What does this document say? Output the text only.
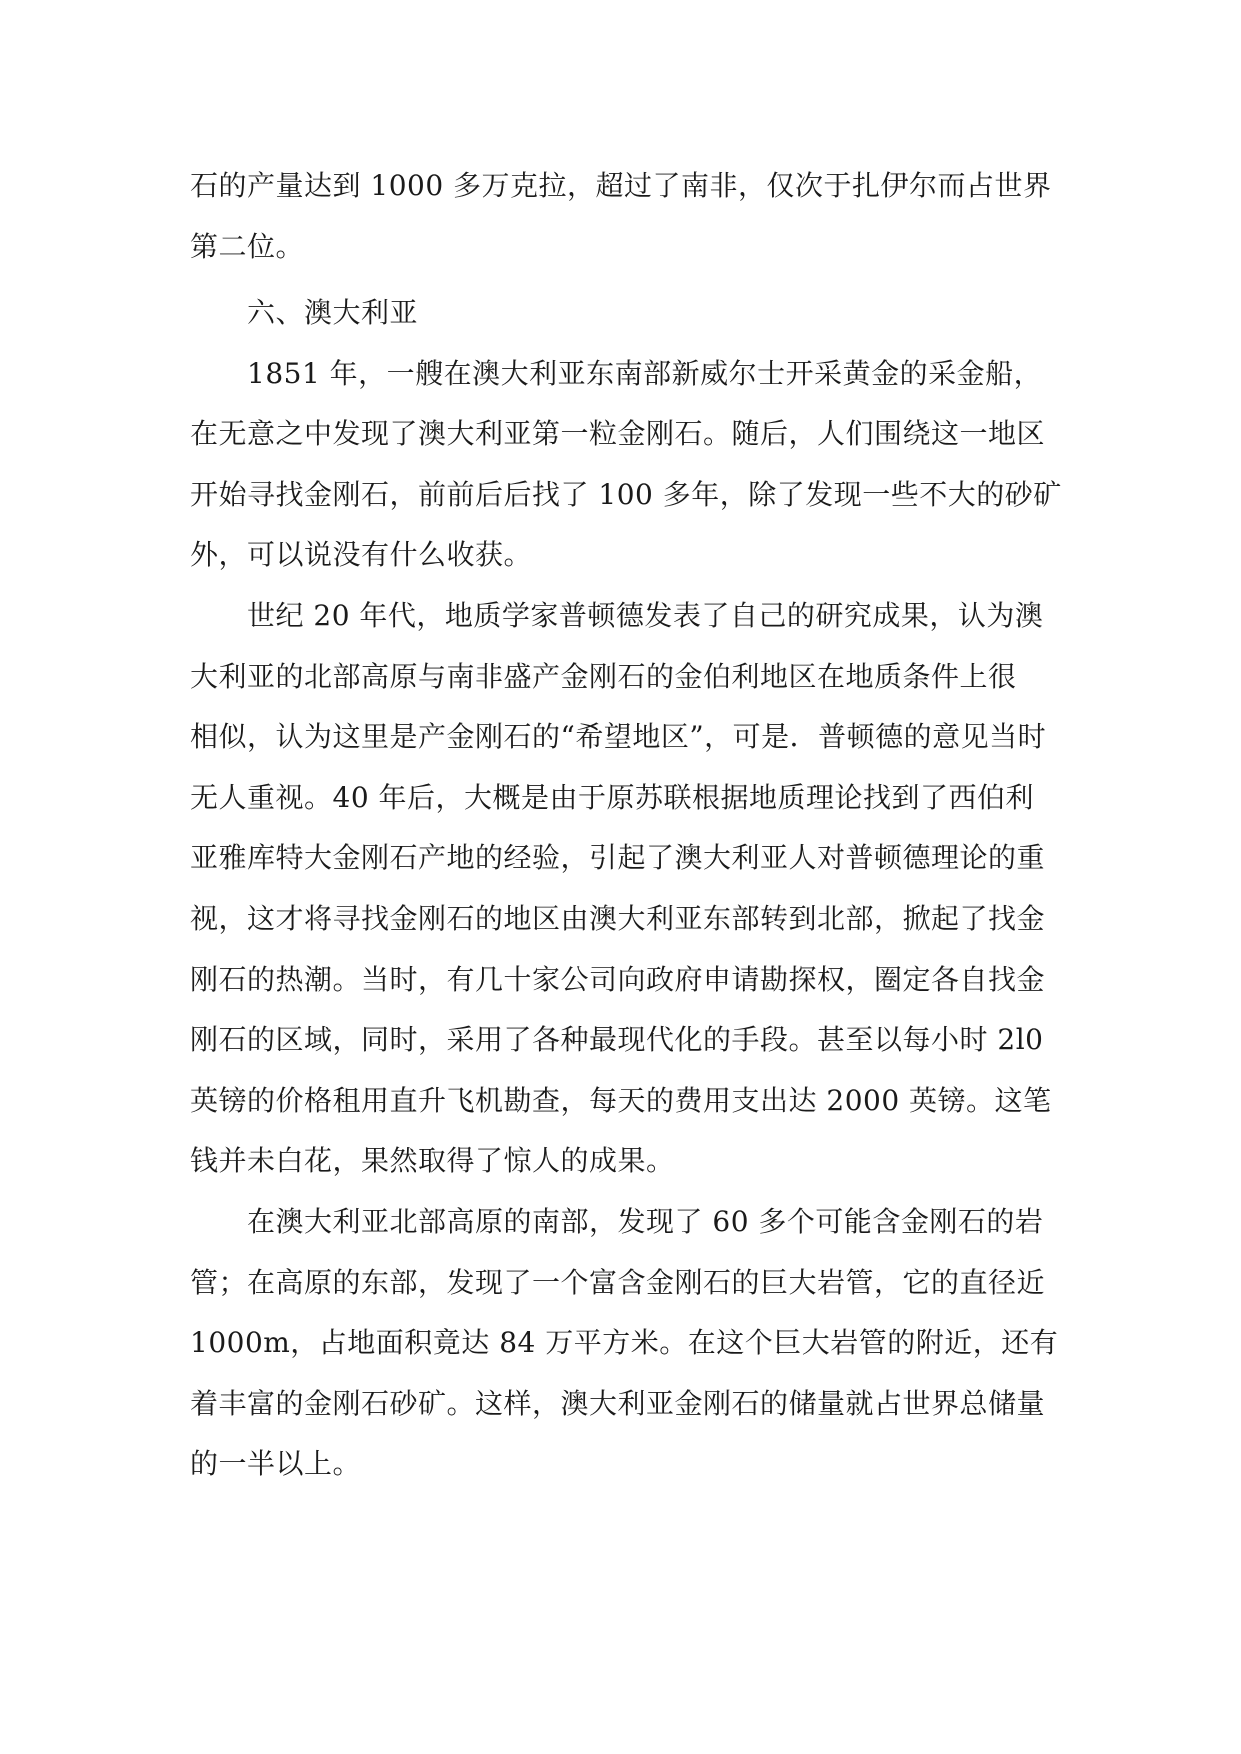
石的产量达到 1000 多万克拉，超过了南非，仅次于扎伊尔而占世界
第二位。
六、澳大利亚
1851 年，一艘在澳大利亚东南部新威尔士开采黄金的采金船，
在无意之中发现了澳大利亚第一粒金刚石。随后，人们围绕这一地区
开始寻找金刚石，前前后后找了 100 多年，除了发现一些不大的砂矿
外，可以说没有什么收获。
世纪 20 年代，地质学家普顿德发表了自己的研究成果，认为澳
大利亚的北部高原与南非盛产金刚石的金伯利地区在地质条件上很
相似，认为这里是产金刚石的“希望地区”，可是．普顿德的意见当时
无人重视。40 年后，大概是由于原苏联根据地质理论找到了西伯利
亚雅库特大金刚石产地的经验，引起了澳大利亚人对普顿德理论的重
视，这才将寻找金刚石的地区由澳大利亚东部转到北部，掀起了找金
刚石的热潮。当时，有几十家公司向政府申请勘探权，圈定各自找金
刚石的区域，同时，采用了各种最现代化的手段。甚至以每小时 2l0
英镑的价格租用直升飞机勘查，每天的费用支出达 2000 英镑。这笔
钱并未白花，果然取得了惊人的成果。
在澳大利亚北部高原的南部，发现了 60 多个可能含金刚石的岩
管；在高原的东部，发现了一个富含金刚石的巨大岩管，它的直径近
1000m，占地面积竟达 84 万平方米。在这个巨大岩管的附近，还有
着丰富的金刚石砂矿。这样，澳大利亚金刚石的储量就占世界总储量
的一半以上。
